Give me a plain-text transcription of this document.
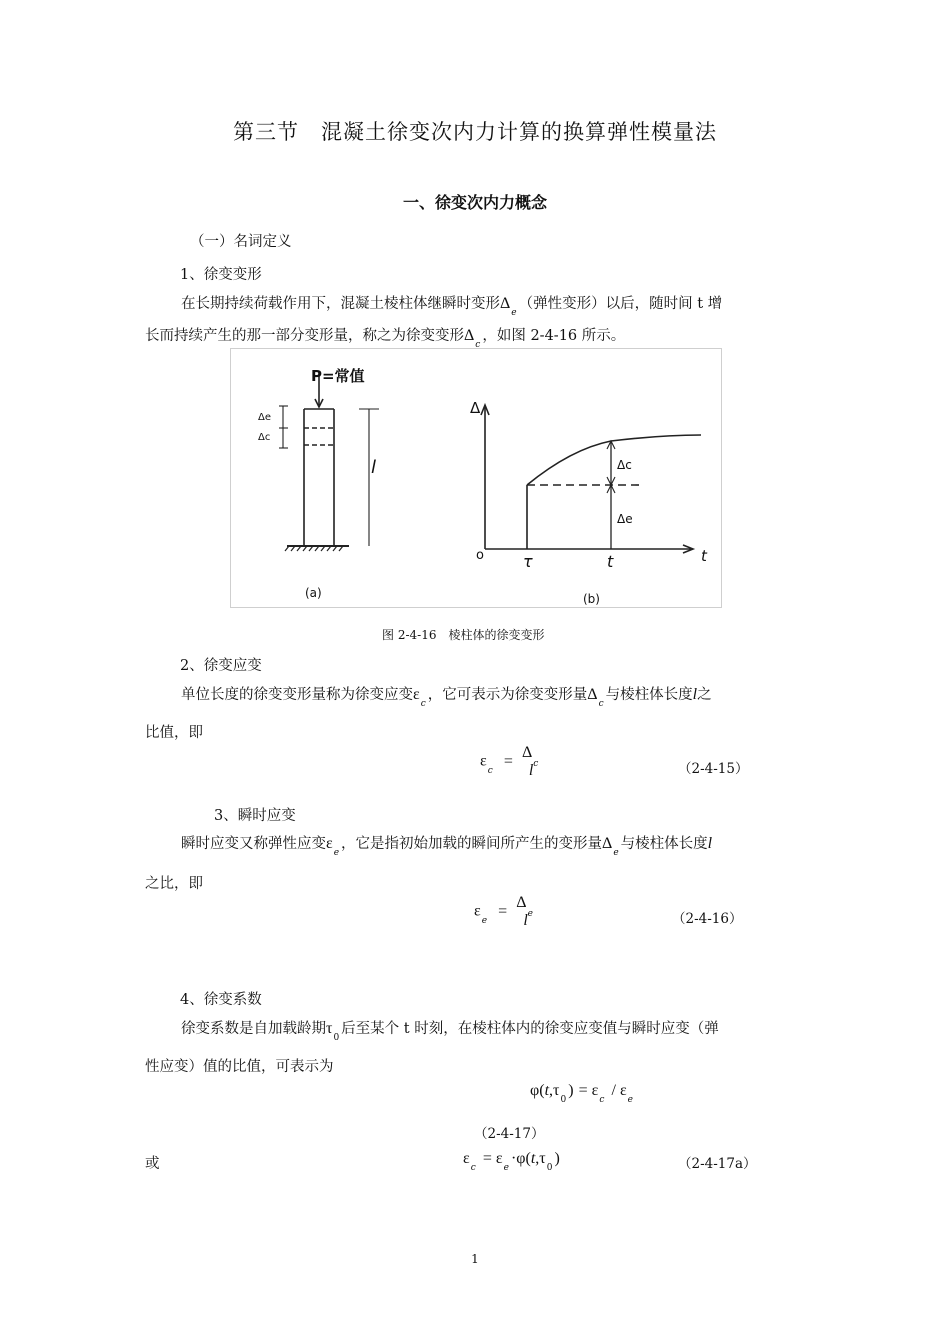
第三节　混凝土徐变次内力计算的换算弹性模量法
一、徐变次内力概念
（一）名词定义
1、徐变变形
在长期持续荷载作用下，混凝土棱柱体继瞬时变形$\Delta_e$（弹性变形）以后，随时间 t 增
长而持续产生的那一部分变形量，称之为徐变变形$\Delta_c$，如图 2-4-16 所示。
P=常值
Δe
Δc
l
(a)	(b)
Δ
t
o τ	t
Δc
Δe
图 2-4-16　棱柱体的徐变变形
2、徐变应变
单位长度的徐变变形量称为徐变应变$\varepsilon_c$，它可表示为徐变变形量$\Delta_c$与棱柱体长度l之
比值，即
$\varepsilon_c = \Delta_c$
l	（2-4-15）
3、瞬时应变
瞬时应变又称弹性应变$\varepsilon_e$，它是指初始加载的瞬间所产生的变形量$\Delta_e$与棱柱体长度l
之比，即
$\varepsilon_e = \Delta_e$
l	（2-4-16）
4、徐变系数
徐变系数是自加载龄期$\tau_0$后至某个 t 时刻，在棱柱体内的徐变应变值与瞬时应变（弹
性应变）值的比值，可表示为
$\varphi(t,\tau_0) = \varepsilon_c / \varepsilon_e$
（2-4-17）
或	$\varepsilon_c = \varepsilon_e\cdot\varphi(t,\tau_0)$	（2-4-17a）
1
